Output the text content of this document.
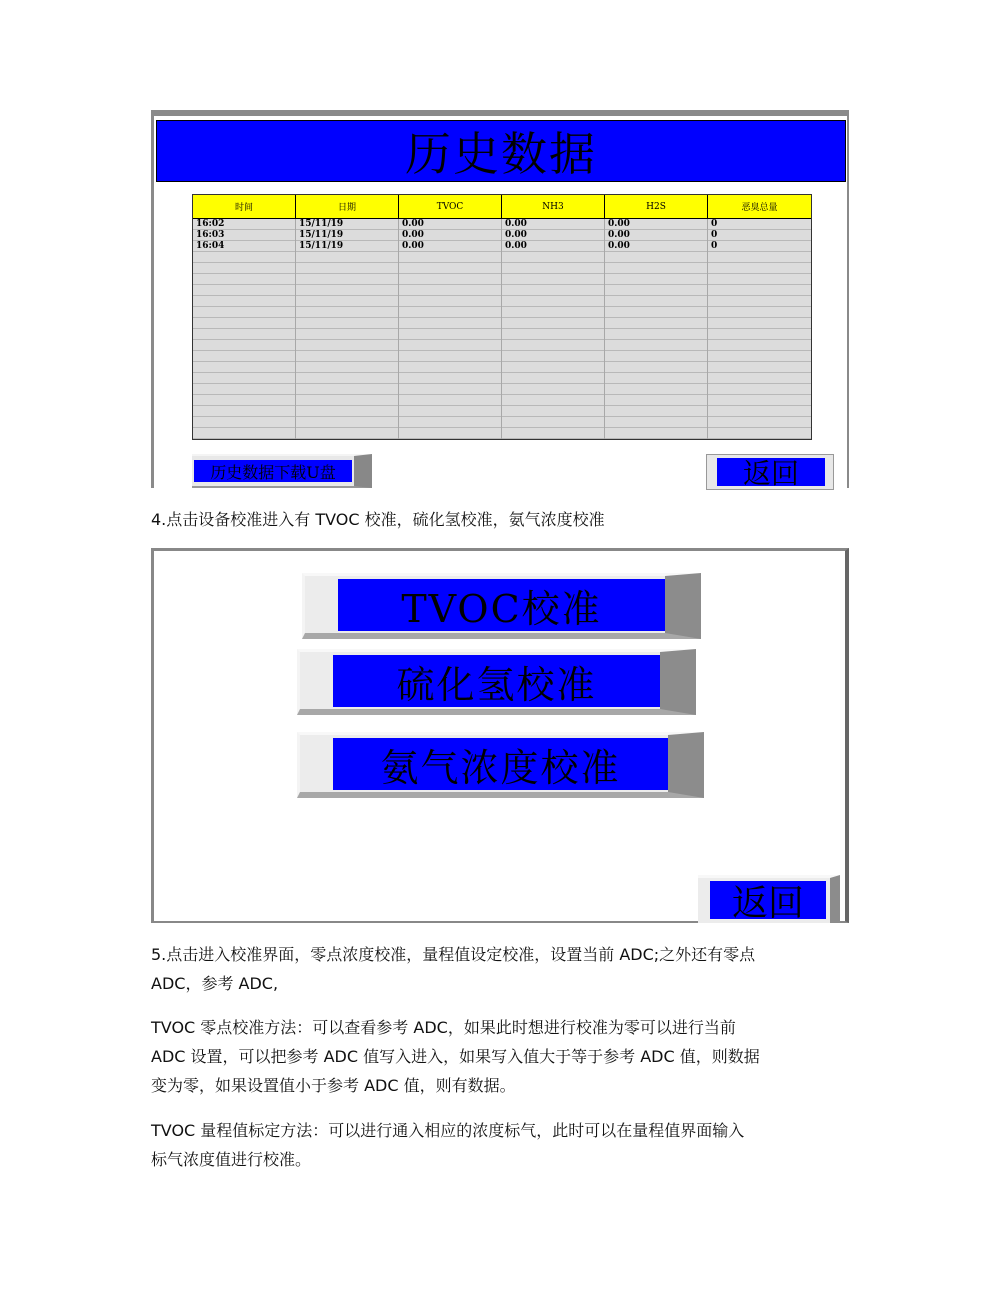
历史数据
时间	日期	TVOC	NH3	H2S	恶臭总量
16:02	15/11/19	0.00	0.00	0.00	0
16:03	15/11/19	0.00	0.00	0.00	0
16:04	15/11/19	0.00	0.00	0.00	0
历史数据下载U盘	返回
4.点击设备校准进入有 TVOC 校准，硫化氢校准，氨气浓度校准
TVOC校准
硫化氢校准
氨气浓度校准
返回
5.点击进入校准界面，零点浓度校准，量程值设定校准，设置当前 ADC;之外还有零点
ADC，参考 ADC,
TVOC 零点校准方法：可以查看参考 ADC，如果此时想进行校准为零可以进行当前
ADC 设置，可以把参考 ADC 值写入进入，如果写入值大于等于参考 ADC 值，则数据
变为零，如果设置值小于参考 ADC 值，则有数据。
TVOC 量程值标定方法：可以进行通入相应的浓度标气，此时可以在量程值界面输入
标气浓度值进行校准。
